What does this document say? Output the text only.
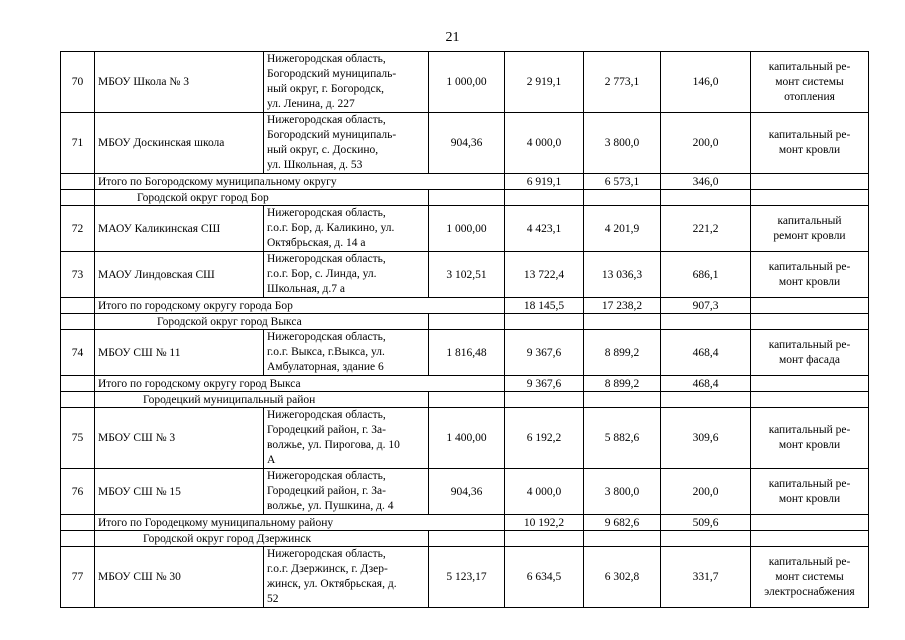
21
70	МБОУ Школа № 3	Нижегородская область,
Богородский муниципаль-
ный округ, г. Богородск,
ул. Ленина, д. 227	1 000,00	2 919,1	2 773,1	146,0	капитальный ре-
монт системы
отопления
71	МБОУ Доскинская школа	Нижегородская область,
Богородский муниципаль-
ный округ, с. Доскино,
ул. Школьная, д. 53	904,36	4 000,0	3 800,0	200,0	капитальный ре-
монт кровли
	Итого по Богородскому муниципальному округу			6 919,1	6 573,1	346,0	
	Городской округ город Бор						
72	МАОУ Каликинская СШ	Нижегородская область,
г.о.г. Бор, д. Каликино, ул.
Октябрьская, д. 14 а	1 000,00	4 423,1	4 201,9	221,2	капитальный
ремонт кровли
73	МАОУ Линдовская СШ	Нижегородская область,
г.о.г. Бор, с. Линда, ул.
Школьная, д.7 а	3 102,51	13 722,4	13 036,3	686,1	капитальный ре-
монт кровли
	Итого по городскому округу города Бор			18 145,5	17 238,2	907,3	
	Городской округ город Выкса						
74	МБОУ СШ № 11	Нижегородская область,
г.о.г. Выкса, г.Выкса, ул.
Амбулаторная, здание 6	1 816,48	9 367,6	8 899,2	468,4	капитальный ре-
монт фасада
	Итого по городскому округу город Выкса			9 367,6	8 899,2	468,4	
	Городецкий муниципальный район						
75	МБОУ СШ № 3	Нижегородская область,
Городецкий район, г. За-
волжье, ул. Пирогова, д. 10
А	1 400,00	6 192,2	5 882,6	309,6	капитальный ре-
монт кровли
76	МБОУ СШ № 15	Нижегородская область,
Городецкий район, г. За-
волжье, ул. Пушкина, д. 4	904,36	4 000,0	3 800,0	200,0	капитальный ре-
монт кровли
	Итого по Городецкому муниципальному району			10 192,2	9 682,6	509,6	
	Городской округ город Дзержинск						
77	МБОУ СШ № 30	Нижегородская область,
г.о.г. Дзержинск, г. Дзер-
жинск, ул. Октябрьская, д.
52	5 123,17	6 634,5	6 302,8	331,7	капитальный ре-
монт системы
электроснабжения
